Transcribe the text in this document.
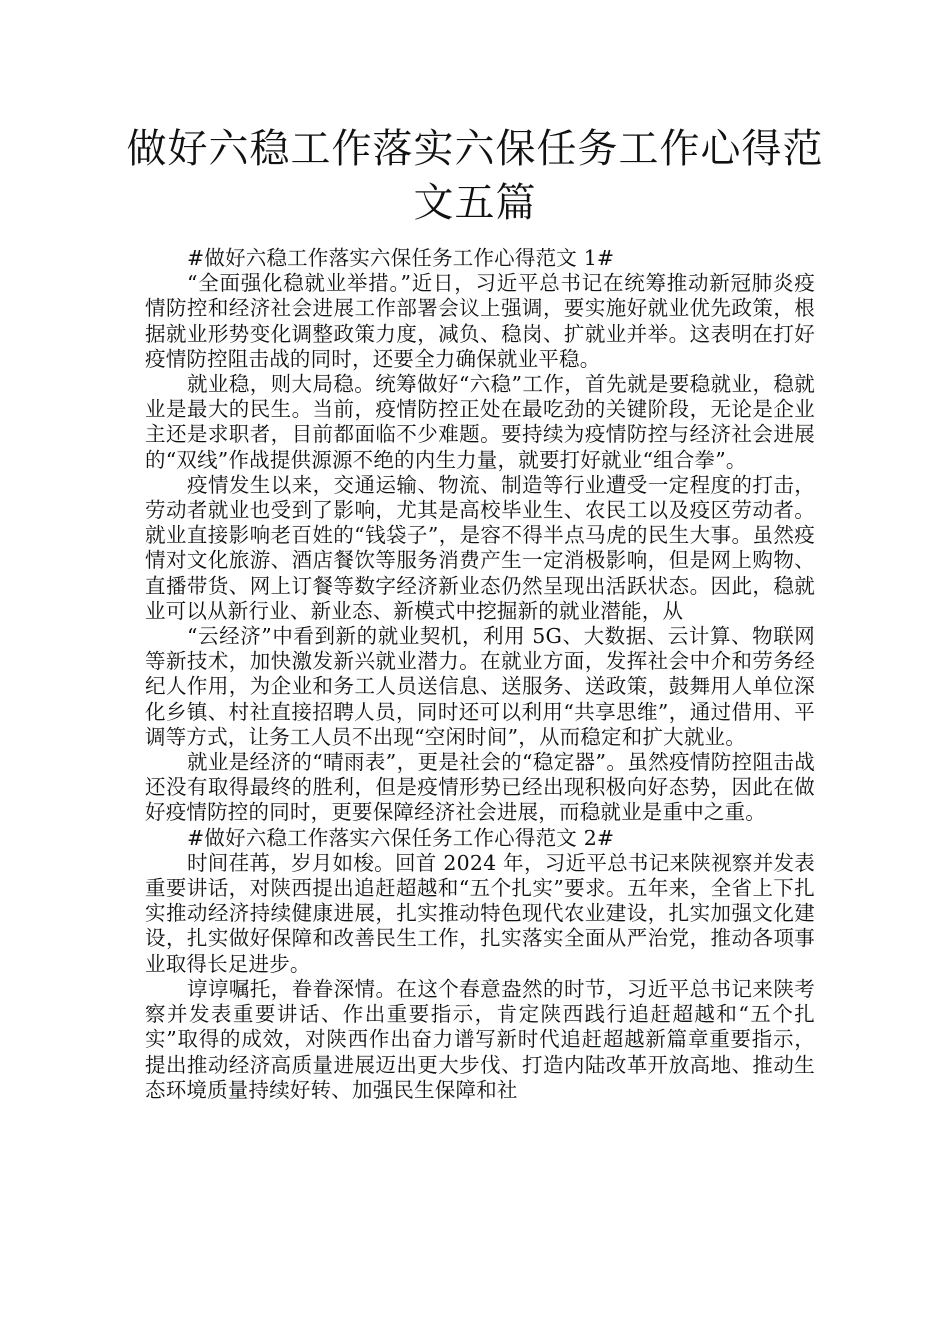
做好六稳工作落实六保任务工作心得范文五篇

#做好六稳工作落实六保任务工作心得范文 1#

“全面强化稳就业举措。”近日，习近平总书记在统筹推动新冠肺炎疫情防控和经济社会进展工作部署会议上强调，要实施好就业优先政策，根据就业形势变化调整政策力度，减负、稳岗、扩就业并举。这表明在打好疫情防控阻击战的同时，还要全力确保就业平稳。

就业稳，则大局稳。统筹做好“六稳”工作，首先就是要稳就业，稳就业是最大的民生。当前，疫情防控正处在最吃劲的关键阶段，无论是企业主还是求职者，目前都面临不少难题。要持续为疫情防控与经济社会进展的“双线”作战提供源源不绝的内生力量，就要打好就业“组合拳”。

疫情发生以来，交通运输、物流、制造等行业遭受一定程度的打击，劳动者就业也受到了影响，尤其是高校毕业生、农民工以及疫区劳动者。就业直接影响老百姓的“钱袋子”，是容不得半点马虎的民生大事。虽然疫情对文化旅游、酒店餐饮等服务消费产生一定消极影响，但是网上购物、直播带货、网上订餐等数字经济新业态仍然呈现出活跃状态。因此，稳就业可以从新行业、新业态、新模式中挖掘新的就业潜能，从

“云经济”中看到新的就业契机，利用 5G、大数据、云计算、物联网等新技术，加快激发新兴就业潜力。在就业方面，发挥社会中介和劳务经纪人作用，为企业和务工人员送信息、送服务、送政策，鼓舞用人单位深化乡镇、村社直接招聘人员，同时还可以利用“共享思维”，通过借用、平调等方式，让务工人员不出现“空闲时间”，从而稳定和扩大就业。

就业是经济的“晴雨表”，更是社会的“稳定器”。虽然疫情防控阻击战还没有取得最终的胜利，但是疫情形势已经出现积极向好态势，因此在做好疫情防控的同时，更要保障经济社会进展，而稳就业是重中之重。

#做好六稳工作落实六保任务工作心得范文 2#

时间荏苒，岁月如梭。回首 2024 年，习近平总书记来陕视察并发表重要讲话，对陕西提出追赶超越和“五个扎实”要求。五年来，全省上下扎实推动经济持续健康进展，扎实推动特色现代农业建设，扎实加强文化建设，扎实做好保障和改善民生工作，扎实落实全面从严治党，推动各项事业取得长足进步。

谆谆嘱托，眷眷深情。在这个春意盎然的时节，习近平总书记来陕考察并发表重要讲话、作出重要指示，肯定陕西践行追赶超越和“五个扎实”取得的成效，对陕西作出奋力谱写新时代追赶超越新篇章重要指示，提出推动经济高质量进展迈出更大步伐、打造内陆改革开放高地、推动生态环境质量持续好转、加强民生保障和社
